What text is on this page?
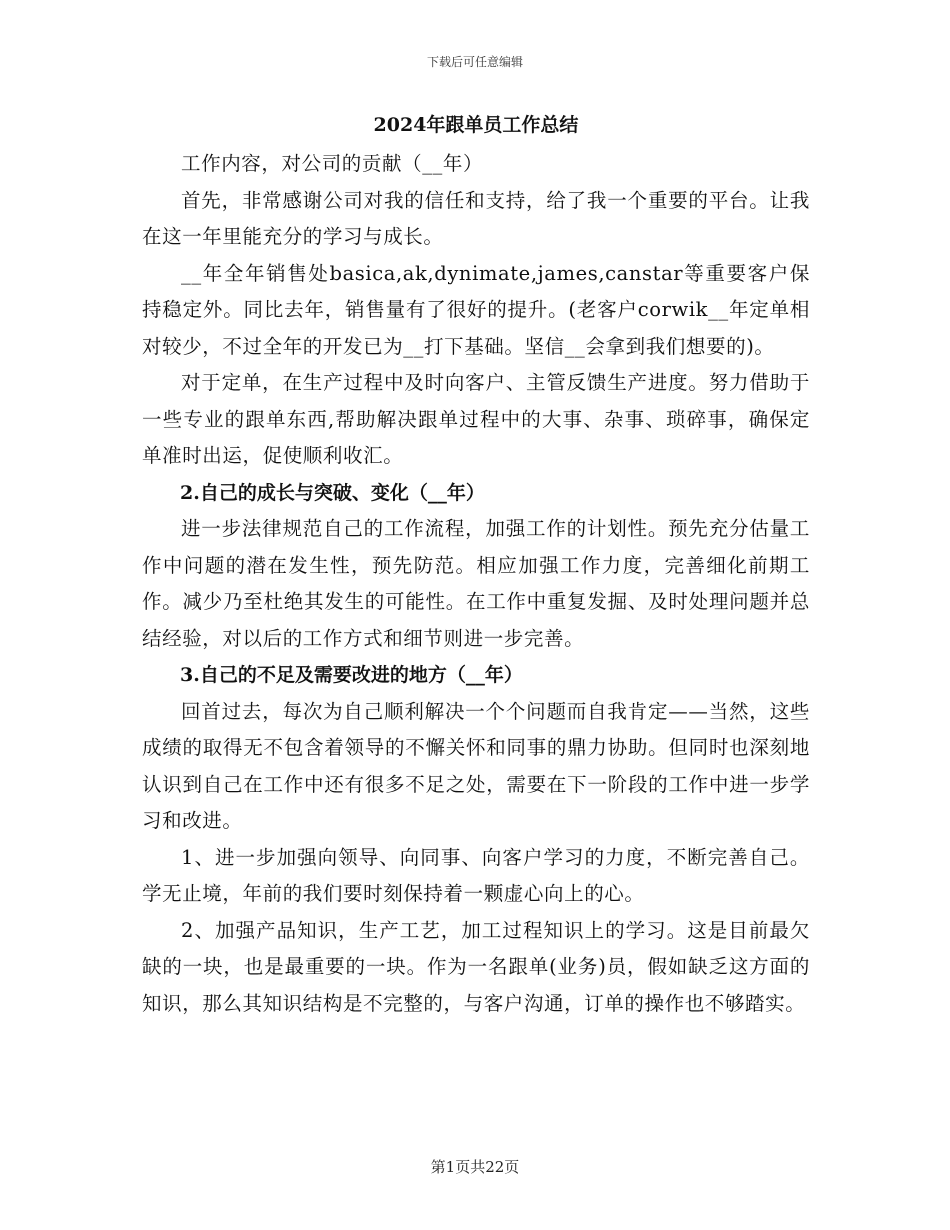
下载后可任意编辑
2024年跟单员工作总结

工作内容，对公司的贡献（__年）

首先，非常感谢公司对我的信任和支持，给了我一个重要的平台。让我在这一年里能充分的学习与成长。

__年全年销售处basica,ak,dynimate,james,canstar等重要客户保持稳定外。同比去年，销售量有了很好的提升。(老客户corwik__年定单相对较少，不过全年的开发已为__打下基础。坚信__会拿到我们想要的)。

对于定单，在生产过程中及时向客户、主管反馈生产进度。努力借助于一些专业的跟单东西,帮助解决跟单过程中的大事、杂事、琐碎事，确保定单准时出运，促使顺利收汇。

2.自己的成长与突破、变化（__年）

进一步法律规范自己的工作流程，加强工作的计划性。预先充分估量工作中问题的潜在发生性，预先防范。相应加强工作力度，完善细化前期工作。减少乃至杜绝其发生的可能性。在工作中重复发掘、及时处理问题并总结经验，对以后的工作方式和细节则进一步完善。

3.自己的不足及需要改进的地方（__年）

回首过去，每次为自己顺利解决一个个问题而自我肯定——当然，这些成绩的取得无不包含着领导的不懈关怀和同事的鼎力协助。但同时也深刻地认识到自己在工作中还有很多不足之处，需要在下一阶段的工作中进一步学习和改进。

1、进一步加强向领导、向同事、向客户学习的力度，不断完善自己。学无止境，年前的我们要时刻保持着一颗虚心向上的心。

2、加强产品知识，生产工艺，加工过程知识上的学习。这是目前最欠缺的一块，也是最重要的一块。作为一名跟单(业务)员，假如缺乏这方面的知识，那么其知识结构是不完整的，与客户沟通，订单的操作也不够踏实。

第1页共22页
